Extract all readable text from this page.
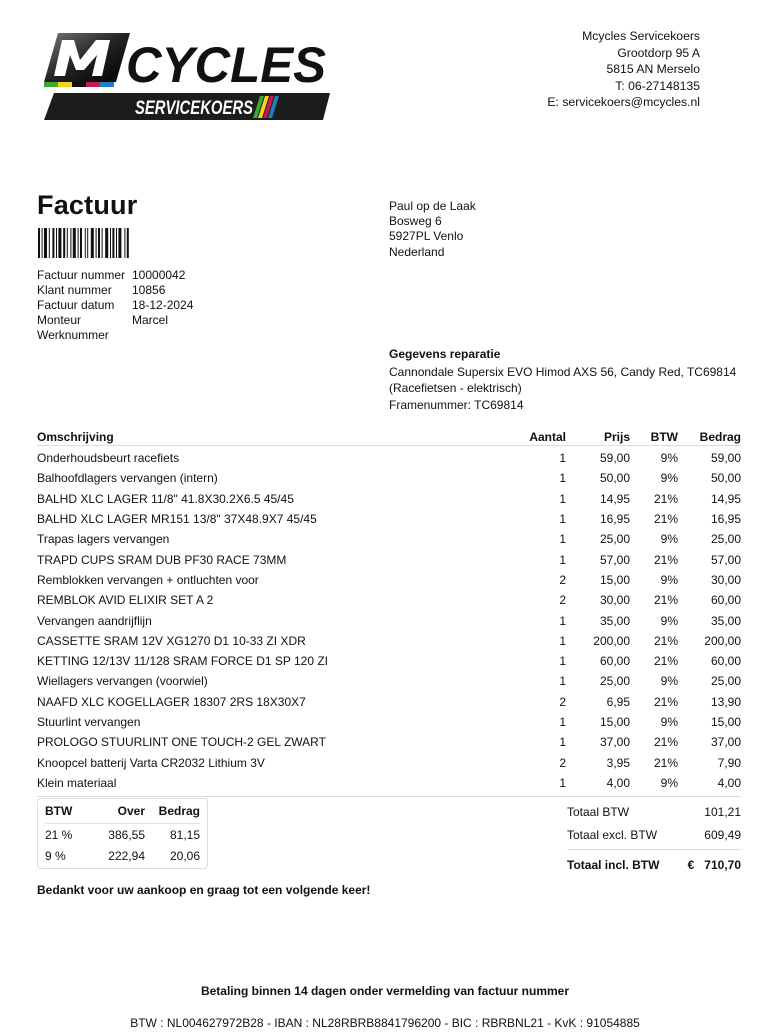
CYCLES
SERVICEKOERS
Mcycles Servicekoers
Grootdorp 95 A
5815 AN Merselo
T: 06-27148135
E: servicekoers@mcycles.nl
Factuur
Factuur nummer 10000042
Klant nummer	10856
Factuur datum	18-12-2024
Monteur	Marcel
Werknummer
Paul op de Laak
Bosweg 6
5927PL Venlo
Nederland
Gegevens reparatie
Cannondale Supersix EVO Himod AXS 56, Candy Red, TC69814
(Racefietsen - elektrisch)
Framenummer: TC69814
Omschrijving	Aantal	Prijs	BTW	Bedrag
Onderhoudsbeurt racefiets	1	59,00	9%	59,00
Balhoofdlagers vervangen (intern)	1	50,00	9%	50,00
BALHD XLC LAGER 11/8" 41.8X30.2X6.5 45/45	1	14,95	21%	14,95
BALHD XLC LAGER MR151 13/8" 37X48.9X7 45/45	1	16,95	21%	16,95
Trapas lagers vervangen	1	25,00	9%	25,00
TRAPD CUPS SRAM DUB PF30 RACE 73MM	1	57,00	21%	57,00
Remblokken vervangen + ontluchten voor	2	15,00	9%	30,00
REMBLOK AVID ELIXIR SET A 2	2	30,00	21%	60,00
Vervangen aandrijflijn	1	35,00	9%	35,00
CASSETTE SRAM 12V XG1270 D1 10-33 ZI XDR	1	200,00	21%	200,00
KETTING 12/13V 11/128 SRAM FORCE D1 SP 120 ZI	1	60,00	21%	60,00
Wiellagers vervangen (voorwiel)	1	25,00	9%	25,00
NAAFD XLC KOGELLAGER 18307 2RS 18X30X7	2	6,95	21%	13,90
Stuurlint vervangen	1	15,00	9%	15,00
PROLOGO STUURLINT ONE TOUCH-2 GEL ZWART	1	37,00	21%	37,00
Knoopcel batterij Varta CR2032 Lithium 3V	2	3,95	21%	7,90
Klein materiaal	1	4,00	9%	4,00
BTW	Over	Bedrag
21 %	386,55	81,15
9 %	222,94	20,06
Totaal BTW	101,21
Totaal excl. BTW	609,49
Totaal incl. BTW € 710,70
Bedankt voor uw aankoop en graag tot een volgende keer!
Betaling binnen 14 dagen onder vermelding van factuur nummer
BTW : NL004627972B28 - IBAN : NL28RBRB8841796200 - BIC : RBRBNL21 - KvK : 91054885
